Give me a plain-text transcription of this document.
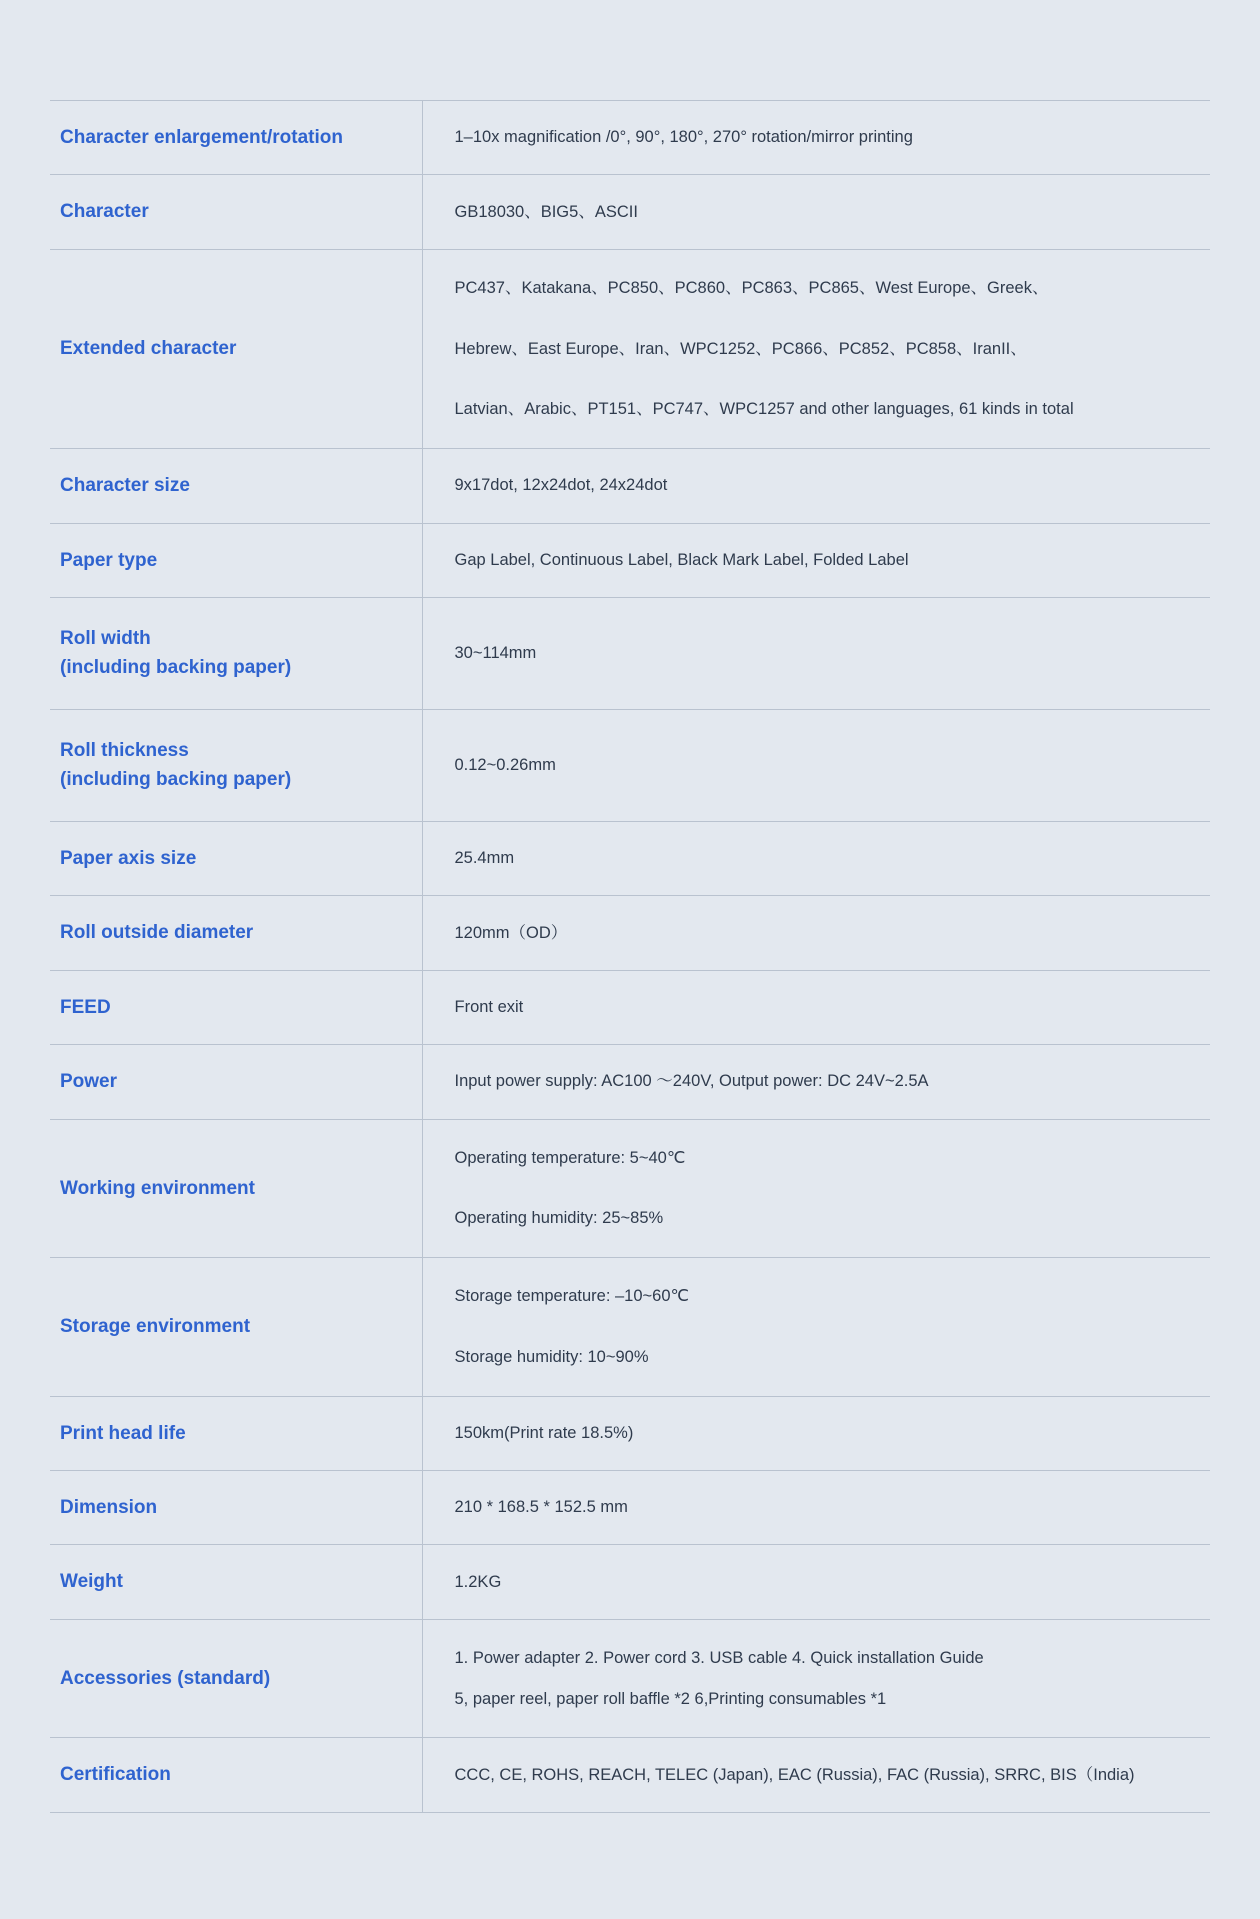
Character enlargement/rotation	1–10x magnification /0°, 90°, 180°, 270° rotation/mirror printing

Character	GB18030、BIG5、ASCII

Extended character	PC437、Katakana、PC850、PC860、PC863、PC865、West Europe、Greek、
Hebrew、East Europe、Iran、WPC1252、PC866、PC852、PC858、IranII、
Latvian、Arabic、PT151、PC747、WPC1257 and other languages, 61 kinds in total

Character size	9x17dot, 12x24dot, 24x24dot

Paper type	Gap Label, Continuous Label, Black Mark Label, Folded Label

Roll width
(including backing paper)	30~114mm

Roll thickness
(including backing paper)	0.12~0.26mm

Paper axis size	25.4mm

Roll outside diameter	120mm（OD）

FEED	Front exit

Power	Input power supply: AC100 ～240V, Output power: DC 24V~2.5A

Working environment	Operating temperature: 5~40℃
Operating humidity: 25~85%

Storage environment	Storage temperature: –10~60℃
Storage humidity: 10~90%

Print head life	150km(Print rate 18.5%)

Dimension	210 * 168.5 * 152.5 mm

Weight	1.2KG

Accessories (standard)	1. Power adapter 2. Power cord 3. USB cable 4. Quick installation Guide
5, paper reel, paper roll baffle *2 6,Printing consumables *1

Certification	CCC, CE, ROHS, REACH, TELEC (Japan), EAC (Russia), FAC (Russia), SRRC, BIS（India)
